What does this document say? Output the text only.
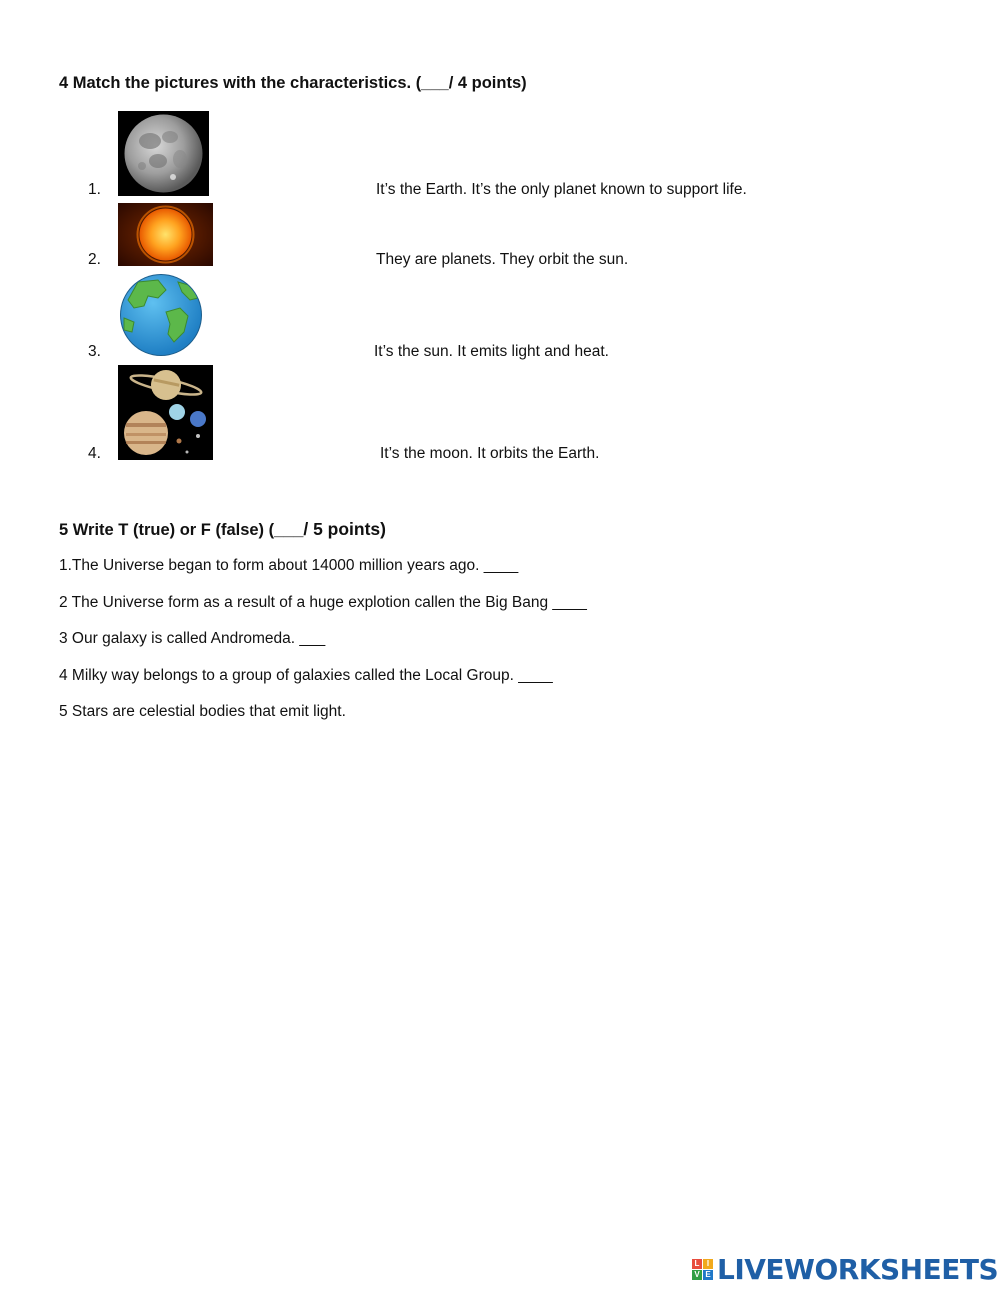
4 Match the pictures with the characteristics. (___/ 4 points)
1.	It’s the Earth. It’s the only planet known to support life.
2.	They are planets. They orbit the sun.
3.	It’s the sun. It emits light and heat.
4.	It’s the moon. It orbits the Earth.
5 Write T (true) or F (false) (___/ 5 points)
1.The Universe began to form about 14000 million years ago. ____
2 The Universe form as a result of a huge explotion callen the Big Bang ____
3 Our galaxy is called Andromeda. ___
4 Milky way belongs to a group of galaxies called the Local Group. ____
5 Stars are celestial bodies that emit light.
L I
V E LIVEWORKSHEETS
